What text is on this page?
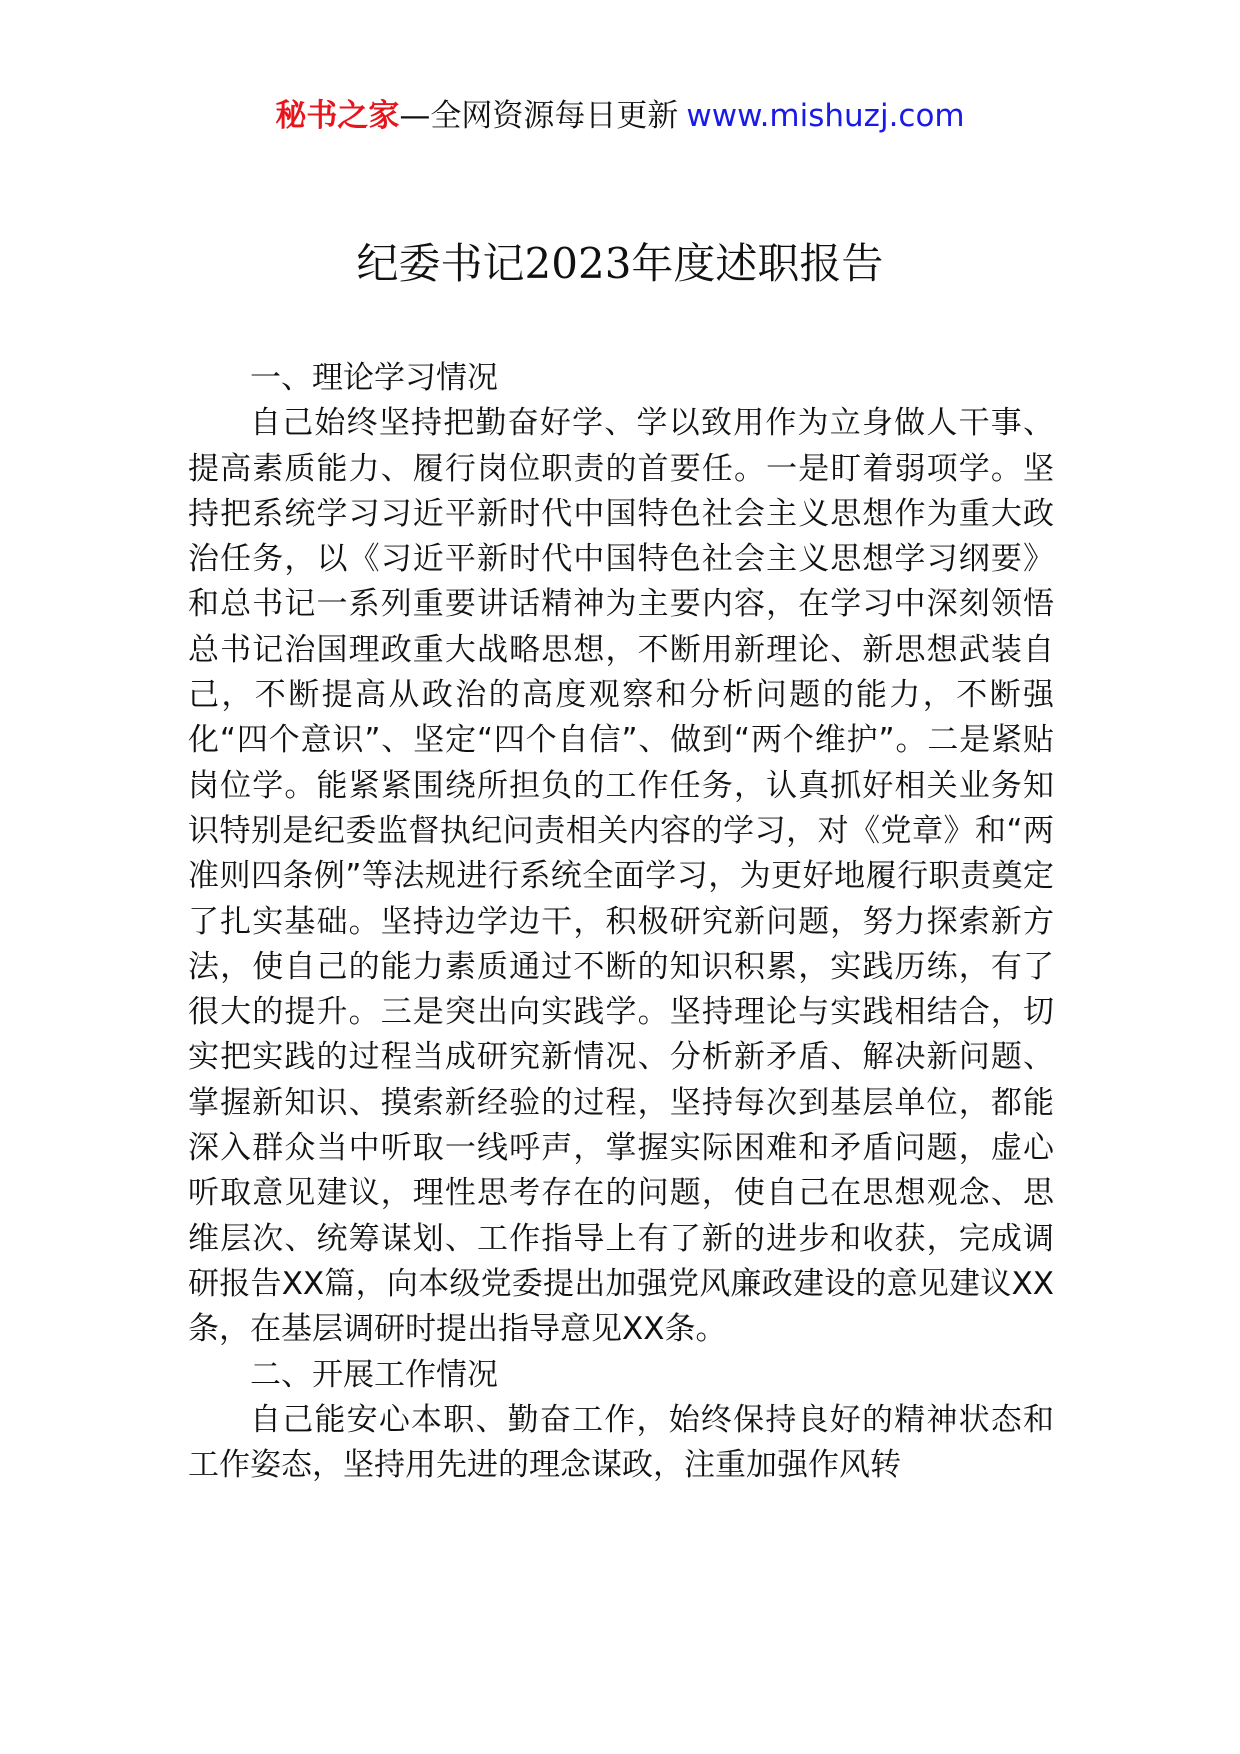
秘书之家—全网资源每日更新 www.mishuzj.com
纪委书记2023年度述职报告

一、理论学习情况

自己始终坚持把勤奋好学、学以致用作为立身做人干事、提高素质能力、履行岗位职责的首要任。一是盯着弱项学。坚持把系统学习习近平新时代中国特色社会主义思想作为重大政治任务，以《习近平新时代中国特色社会主义思想学习纲要》和总书记一系列重要讲话精神为主要内容，在学习中深刻领悟总书记治国理政重大战略思想，不断用新理论、新思想武装自己，不断提高从政治的高度观察和分析问题的能力，不断强化“四个意识”、坚定“四个自信”、做到“两个维护”。二是紧贴岗位学。能紧紧围绕所担负的工作任务，认真抓好相关业务知识特别是纪委监督执纪问责相关内容的学习，对《党章》和“两准则四条例”等法规进行系统全面学习，为更好地履行职责奠定了扎实基础。坚持边学边干，积极研究新问题，努力探索新方法，使自己的能力素质通过不断的知识积累，实践历练，有了很大的提升。三是突出向实践学。坚持理论与实践相结合，切实把实践的过程当成研究新情况、分析新矛盾、解决新问题、掌握新知识、摸索新经验的过程，坚持每次到基层单位，都能深入群众当中听取一线呼声，掌握实际困难和矛盾问题，虚心听取意见建议，理性思考存在的问题，使自己在思想观念、思维层次、统筹谋划、工作指导上有了新的进步和收获，完成调研报告XX篇，向本级党委提出加强党风廉政建设的意见建议XX条，在基层调研时提出指导意见XX条。

二、开展工作情况

自己能安心本职、勤奋工作，始终保持良好的精神状态和工作姿态，坚持用先进的理念谋政，注重加强作风转
